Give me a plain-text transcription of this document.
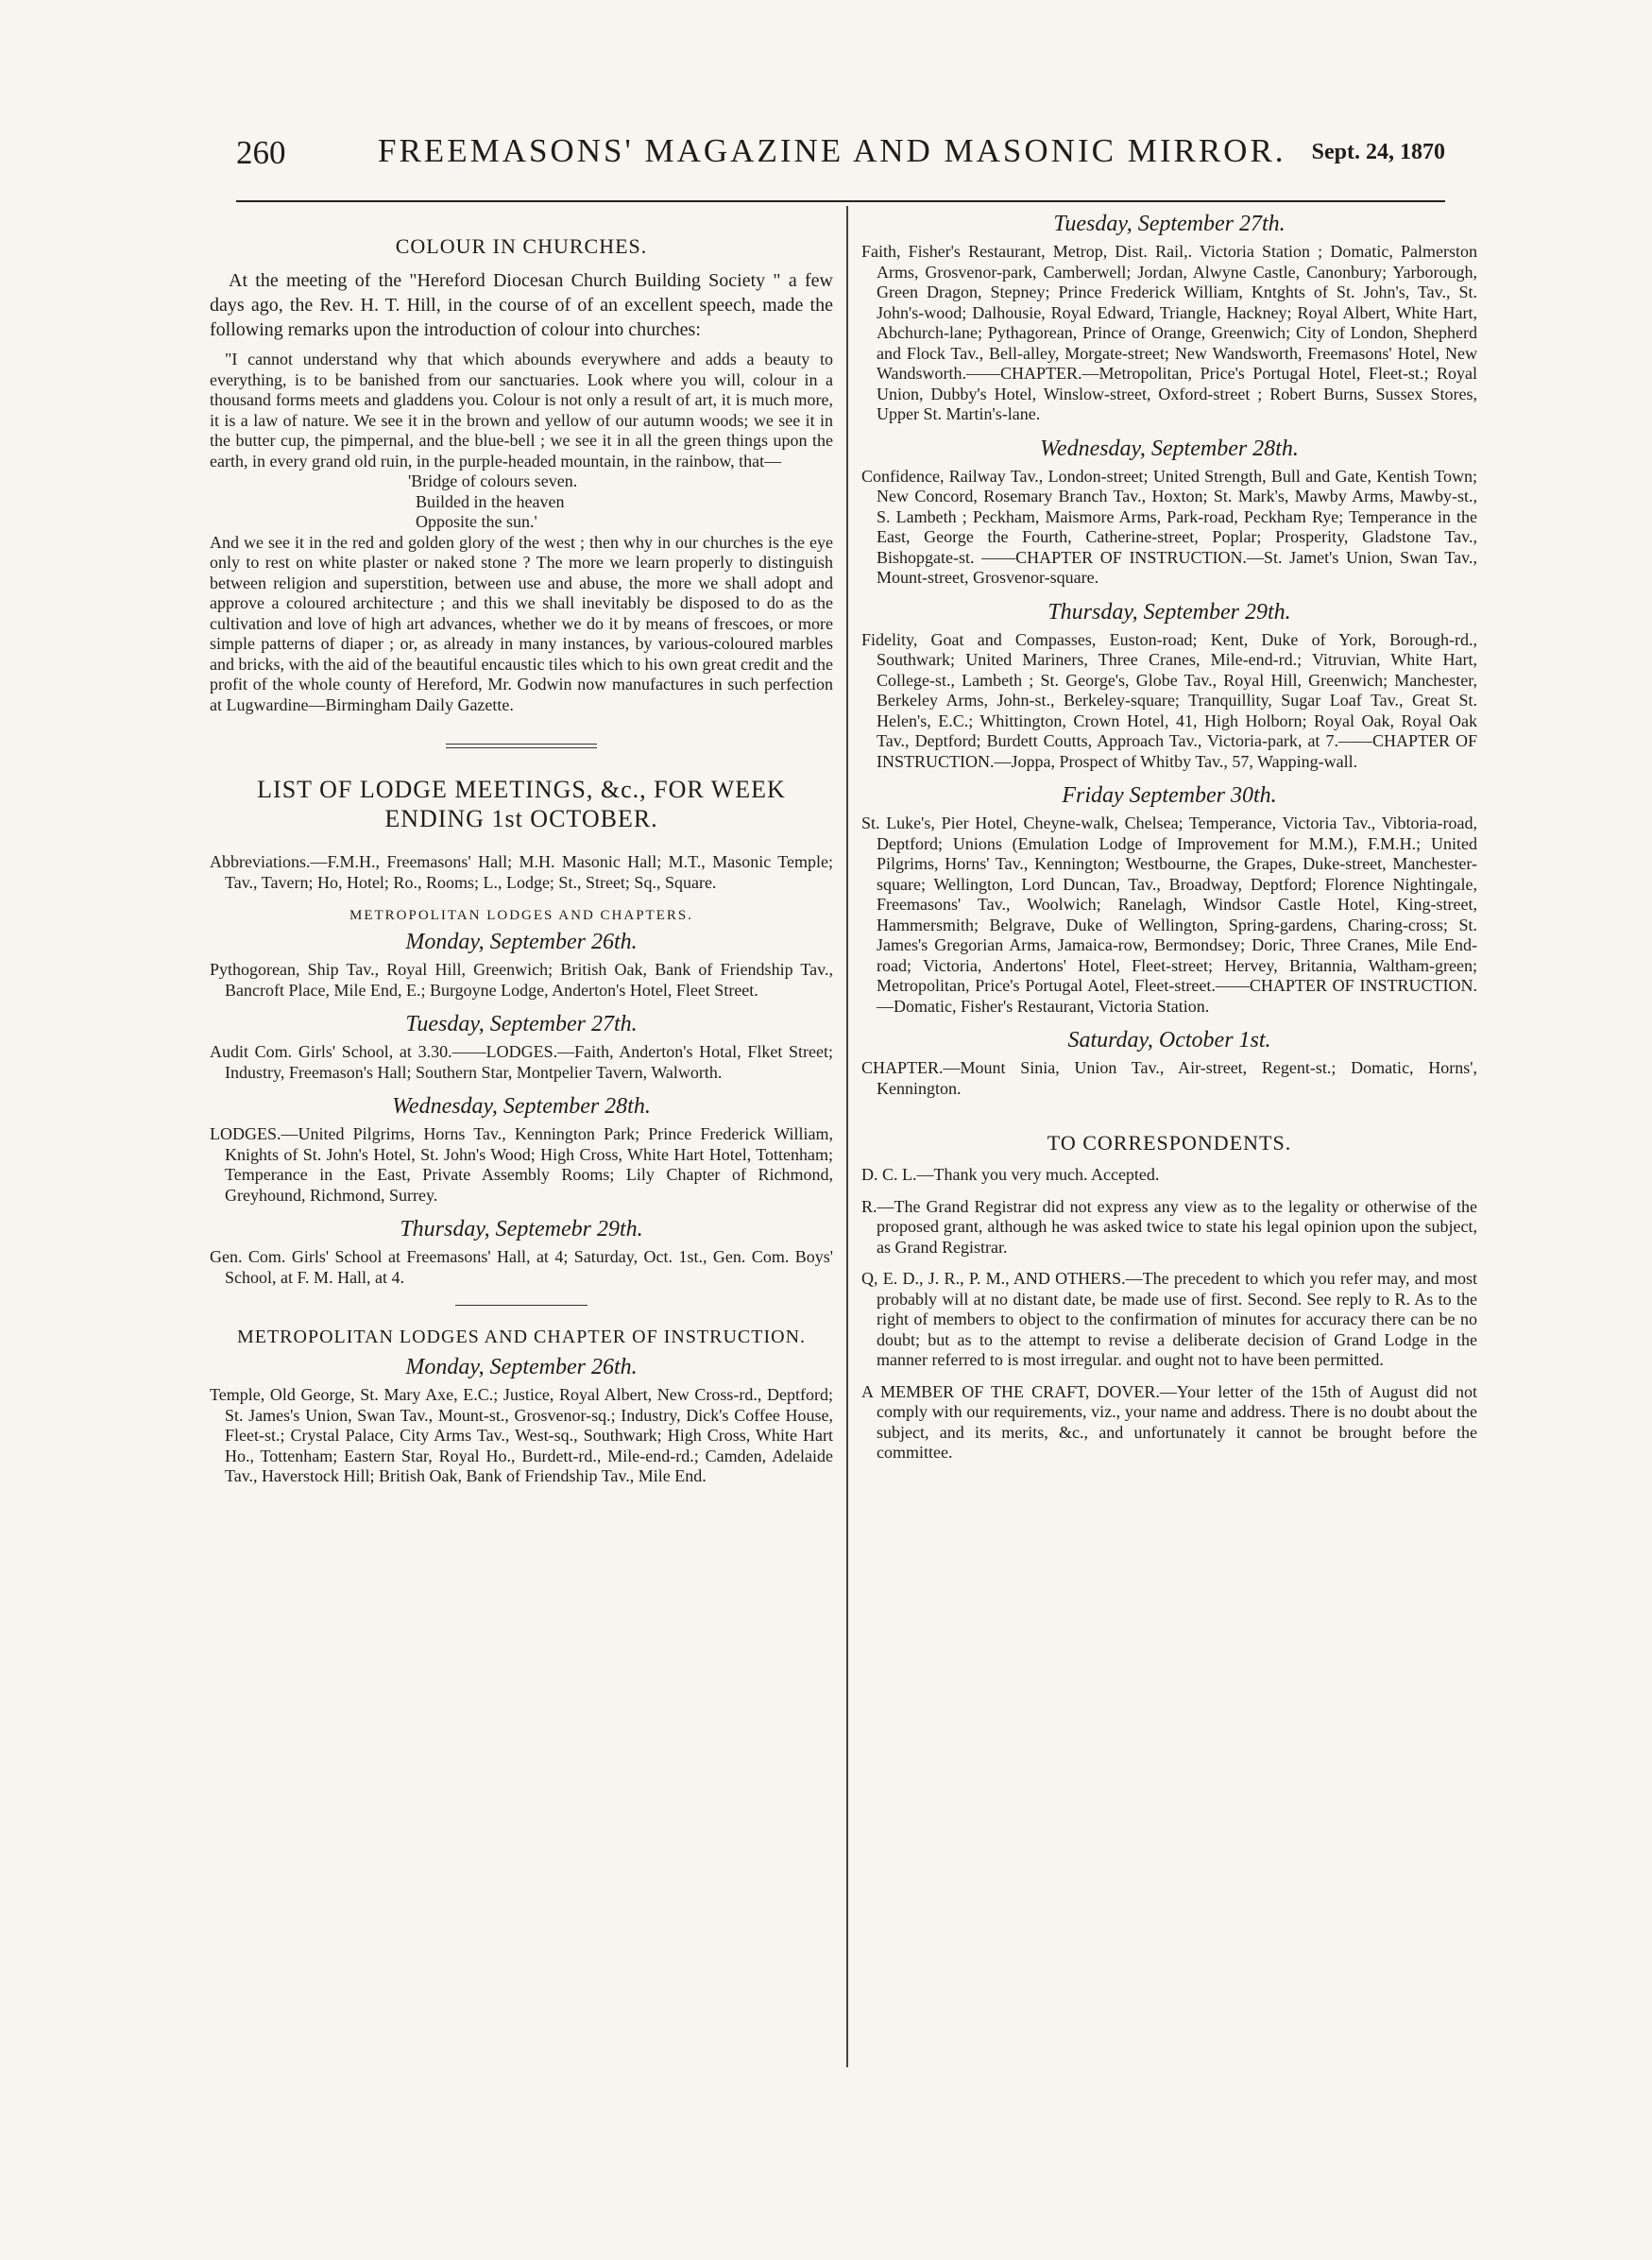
260	FREEMASONS' MAGAZINE AND MASONIC MIRROR. Sept. 24, 1870
COLOUR IN CHURCHES.

At the meeting of the "Hereford Diocesan Church Building Society " a few days ago, the Rev. H. T. Hill, in the course of of an excellent speech, made the following remarks upon the introduction of colour into churches:

"I cannot understand why that which abounds everywhere and adds a beauty to everything, is to be banished from our sanctuaries. Look where you will, colour in a thousand forms meets and gladdens you. Colour is not only a result of art, it is much more, it is a law of nature. We see it in the brown and yellow of our autumn woods; we see it in the butter cup, the pimpernal, and the blue-bell ; we see it in all the green things upon the earth, in every grand old ruin, in the purple-headed mountain, in the rainbow, that—

'Bridge of colours seven.
Builded in the heaven
Opposite the sun.'

And we see it in the red and golden glory of the west ; then why in our churches is the eye only to rest on white plaster or naked stone ? The more we learn properly to distinguish between religion and superstition, between use and abuse, the more we shall adopt and approve a coloured architecture ; and this we shall inevitably be disposed to do as the cultivation and love of high art advances, whether we do it by means of frescoes, or more simple patterns of diaper ; or, as already in many instances, by various-coloured marbles and bricks, with the aid of the beautiful encaustic tiles which to his own great credit and the profit of the whole county of Hereford, Mr. Godwin now manufactures in such perfection at Lugwardine—Birmingham Daily Gazette.

LIST OF LODGE MEETINGS, &c., FOR WEEK ENDING 1st OCTOBER.

Abbreviations.—F.M.H., Freemasons' Hall; M.H. Masonic Hall; M.T., Masonic Temple; Tav., Tavern; Ho, Hotel; Ro., Rooms; L., Lodge; St., Street; Sq., Square.

METROPOLITAN LODGES AND CHAPTERS.
Monday, September 26th.

Pythogorean, Ship Tav., Royal Hill, Greenwich; British Oak, Bank of Friendship Tav., Bancroft Place, Mile End, E.; Burgoyne Lodge, Anderton's Hotel, Fleet Street.

Tuesday, September 27th.

Audit Com. Girls' School, at 3.30.——LODGES.—Faith, Anderton's Hotal, Flket Street; Industry, Freemason's Hall; Southern Star, Montpelier Tavern, Walworth.

Wednesday, September 28th.

LODGES.—United Pilgrims, Horns Tav., Kennington Park; Prince Frederick William, Knights of St. John's Hotel, St. John's Wood; High Cross, White Hart Hotel, Tottenham; Temperance in the East, Private Assembly Rooms; Lily Chapter of Richmond, Greyhound, Richmond, Surrey.

Thursday, Septemebr 29th.

Gen. Com. Girls' School at Freemasons' Hall, at 4; Saturday, Oct. 1st., Gen. Com. Boys' School, at F. M. Hall, at 4.

METROPOLITAN LODGES AND CHAPTER OF INSTRUCTION.
Monday, September 26th.

Temple, Old George, St. Mary Axe, E.C.; Justice, Royal Albert, New Cross-rd., Deptford; St. James's Union, Swan Tav., Mount-st., Grosvenor-sq.; Industry, Dick's Coffee House, Fleet-st.; Crystal Palace, City Arms Tav., West-sq., Southwark; High Cross, White Hart Ho., Tottenham; Eastern Star, Royal Ho., Burdett-rd., Mile-end-rd.; Camden, Adelaide Tav., Haverstock Hill; British Oak, Bank of Friendship Tav., Mile End.

Tuesday, September 27th.

Faith, Fisher's Restaurant, Metrop, Dist. Rail,. Victoria Station ; Domatic, Palmerston Arms, Grosvenor-park, Camberwell; Jordan, Alwyne Castle, Canonbury; Yarborough, Green Dragon, Stepney; Prince Frederick William, Kntghts of St. John's, Tav., St. John's-wood; Dalhousie, Royal Edward, Triangle, Hackney; Royal Albert, White Hart, Abchurch-lane; Pythagorean, Prince of Orange, Greenwich; City of London, Shepherd and Flock Tav., Bell-alley, Morgate-street; New Wandsworth, Freemasons' Hotel, New Wandsworth.——CHAPTER.—Metropolitan, Price's Portugal Hotel, Fleet-st.; Royal Union, Dubby's Hotel, Winslow-street, Oxford-street ; Robert Burns, Sussex Stores, Upper St. Martin's-lane.

Wednesday, September 28th.

Confidence, Railway Tav., London-street; United Strength, Bull and Gate, Kentish Town; New Concord, Rosemary Branch Tav., Hoxton; St. Mark's, Mawby Arms, Mawby-st., S. Lambeth ; Peckham, Maismore Arms, Park-road, Peckham Rye; Temperance in the East, George the Fourth, Catherine-street, Poplar; Prosperity, Gladstone Tav., Bishopgate-st. ——CHAPTER OF INSTRUCTION.—St. Jamet's Union, Swan Tav., Mount-street, Grosvenor-square.

Thursday, September 29th.

Fidelity, Goat and Compasses, Euston-road; Kent, Duke of York, Borough-rd., Southwark; United Mariners, Three Cranes, Mile-end-rd.; Vitruvian, White Hart, College-st., Lambeth ; St. George's, Globe Tav., Royal Hill, Greenwich; Manchester, Berkeley Arms, John-st., Berkeley-square; Tranquillity, Sugar Loaf Tav., Great St. Helen's, E.C.; Whittington, Crown Hotel, 41, High Holborn; Royal Oak, Royal Oak Tav., Deptford; Burdett Coutts, Approach Tav., Victoria-park, at 7.——CHAPTER OF INSTRUCTION.—Joppa, Prospect of Whitby Tav., 57, Wapping-wall.

Friday September 30th.

St. Luke's, Pier Hotel, Cheyne-walk, Chelsea; Temperance, Victoria Tav., Vibtoria-road, Deptford; Unions (Emulation Lodge of Improvement for M.M.), F.M.H.; United Pilgrims, Horns' Tav., Kennington; Westbourne, the Grapes, Duke-street, Manchester-square; Wellington, Lord Duncan, Tav., Broadway, Deptford; Florence Nightingale, Freemasons' Tav., Woolwich; Ranelagh, Windsor Castle Hotel, King-street, Hammersmith; Belgrave, Duke of Wellington, Spring-gardens, Charing-cross; St. James's Gregorian Arms, Jamaica-row, Bermondsey; Doric, Three Cranes, Mile End-road; Victoria, Andertons' Hotel, Fleet-street; Hervey, Britannia, Waltham-green; Metropolitan, Price's Portugal Aotel, Fleet-street.——CHAPTER OF INSTRUCTION.—Domatic, Fisher's Restaurant, Victoria Station.

Saturday, October 1st.

CHAPTER.—Mount Sinia, Union Tav., Air-street, Regent-st.; Domatic, Horns', Kennington.

TO CORRESPONDENTS.

D. C. L.—Thank you very much. Accepted.

R.—The Grand Registrar did not express any view as to the legality or otherwise of the proposed grant, although he was asked twice to state his legal opinion upon the subject, as Grand Registrar.

Q, E. D., J. R., P. M., AND OTHERS.—The precedent to which you refer may, and most probably will at no distant date, be made use of first. Second. See reply to R. As to the right of members to object to the confirmation of minutes for accuracy there can be no doubt; but as to the attempt to revise a deliberate decision of Grand Lodge in the manner referred to is most irregular. and ought not to have been permitted.

A MEMBER OF THE CRAFT, DOVER.—Your letter of the 15th of August did not comply with our requirements, viz., your name and address. There is no doubt about the subject, and its merits, &c., and unfortunately it cannot be brought before the committee.
